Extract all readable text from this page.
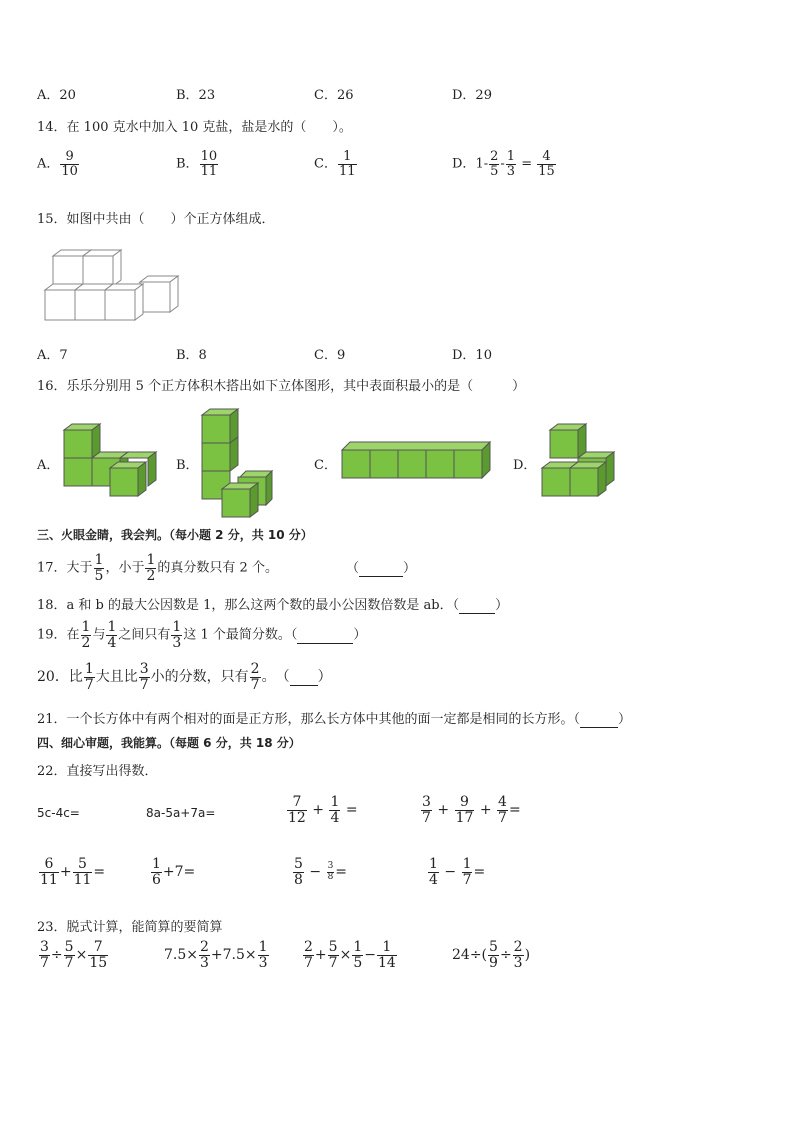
A．20	B．23	C．26	D．29
14．在 100 克水中加入 10 克盐，盐是水的（　　）。
A． $\frac{9}{10}$	B． $\frac{10}{11}$	C． $\frac{1}{11}$	D．$1- \frac{2}{5} - \frac{1}{3} = \frac{4}{15}$
15．如图中共由（　　）个正方体组成．
A．7	B．8	C．9	D．10
16．乐乐分别用 5 个正方体积木搭出如下立体图形，其中表面积最小的是（　　　）
A．	B．	C．	D．
三、火眼金睛，我会判。（每小题 2 分，共 10 分）
17．大于 $\frac{1}{5}$ ，小于 $\frac{1}{2}$ 的真分数只有 2 个。	（	）
18．a 和 b 的最大公因数是 1，那么这两个数的最小公因数倍数是 ab．（	）
19．在 $\frac{1}{2}$ 与 $\frac{1}{4}$ 之间只有 $\frac{1}{3}$ 这 1 个最简分数。（	）
20．比 $\frac{1}{7}$ 大且比 $\frac{3}{7}$ 小的分数，只有 $\frac{2}{7}$ 。　（ ）
21．一个长方体中有两个相对的面是正方形，那么长方体中其他的面一定都是相同的长方形。（	）
四、细心审题，我能算。（每题 6 分，共 18 分）
22．直接写出得数．
5c-4c=	8a-5a+7a=	$\frac{7}{12} + \frac{1}{4}$ =	$\frac{3}{7} + \frac{9}{17} + \frac{4}{7}$ =
$\frac{6}{11} + \frac{5}{11}$ =	$\frac{1}{6} +7=$	$\frac{5}{8} - \frac{3}{8}$ =	$\frac{1}{4} - \frac{1}{7}$ =
23．脱式计算，能简算的要简算
$\frac{3}{7} \div \frac{5}{7} \times \frac{7}{15}$	$7.5\times \frac{2}{3} +7.5\times \frac{1}{3} \frac{2}{7} + \frac{5}{7} \times \frac{1}{5} - \frac{1}{14}$	$24\div( \frac{5}{9} \div \frac{2}{3}$ )
